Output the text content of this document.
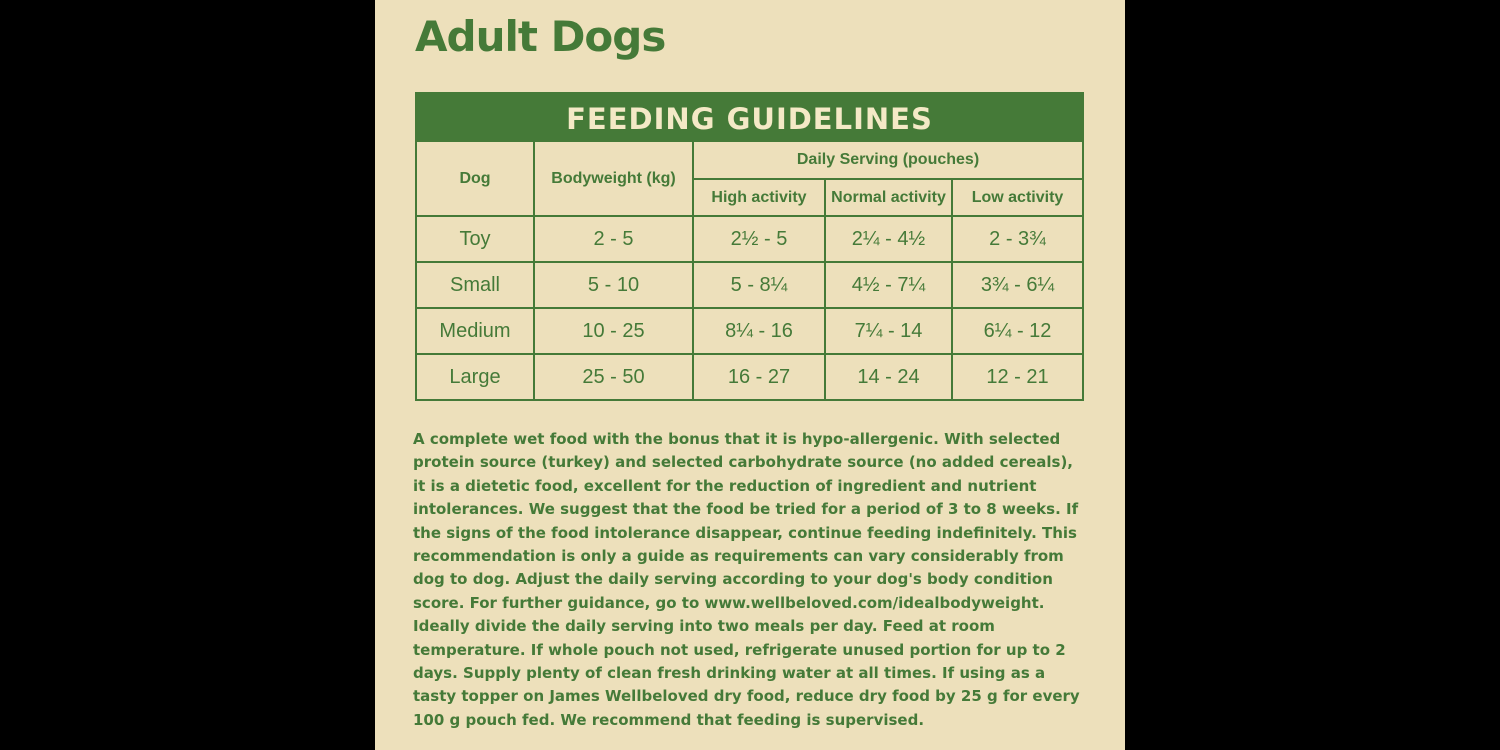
Adult Dogs
FEEDING GUIDELINES
Dog	Bodyweight (kg)	Daily Serving (pouches)		
		High activity	Normal activity	Low activity
Toy	2 - 5	2½ - 5	2¼ - 4½	2 - 3¾
Small	5 - 10	5 - 8¼	4½ - 7¼	3¾ - 6¼
Medium	10 - 25	8¼ - 16	7¼ - 14	6¼ - 12
Large	25 - 50	16 - 27	14 - 24	12 - 21

A complete wet food with the bonus that it is hypo-allergenic. With selected protein source (turkey) and selected carbohydrate source (no added cereals), it is a dietetic food, excellent for the reduction of ingredient and nutrient intolerances. We suggest that the food be tried for a period of 3 to 8 weeks. If the signs of the food intolerance disappear, continue feeding indefinitely. This recommendation is only a guide as requirements can vary considerably from dog to dog. Adjust the daily serving according to your dog's body condition score. For further guidance, go to www.wellbeloved.com/idealbodyweight. Ideally divide the daily serving into two meals per day. Feed at room temperature. If whole pouch not used, refrigerate unused portion for up to 2 days. Supply plenty of clean fresh drinking water at all times. If using as a tasty topper on James Wellbeloved dry food, reduce dry food by 25 g for every 100 g pouch fed. We recommend that feeding is supervised.
